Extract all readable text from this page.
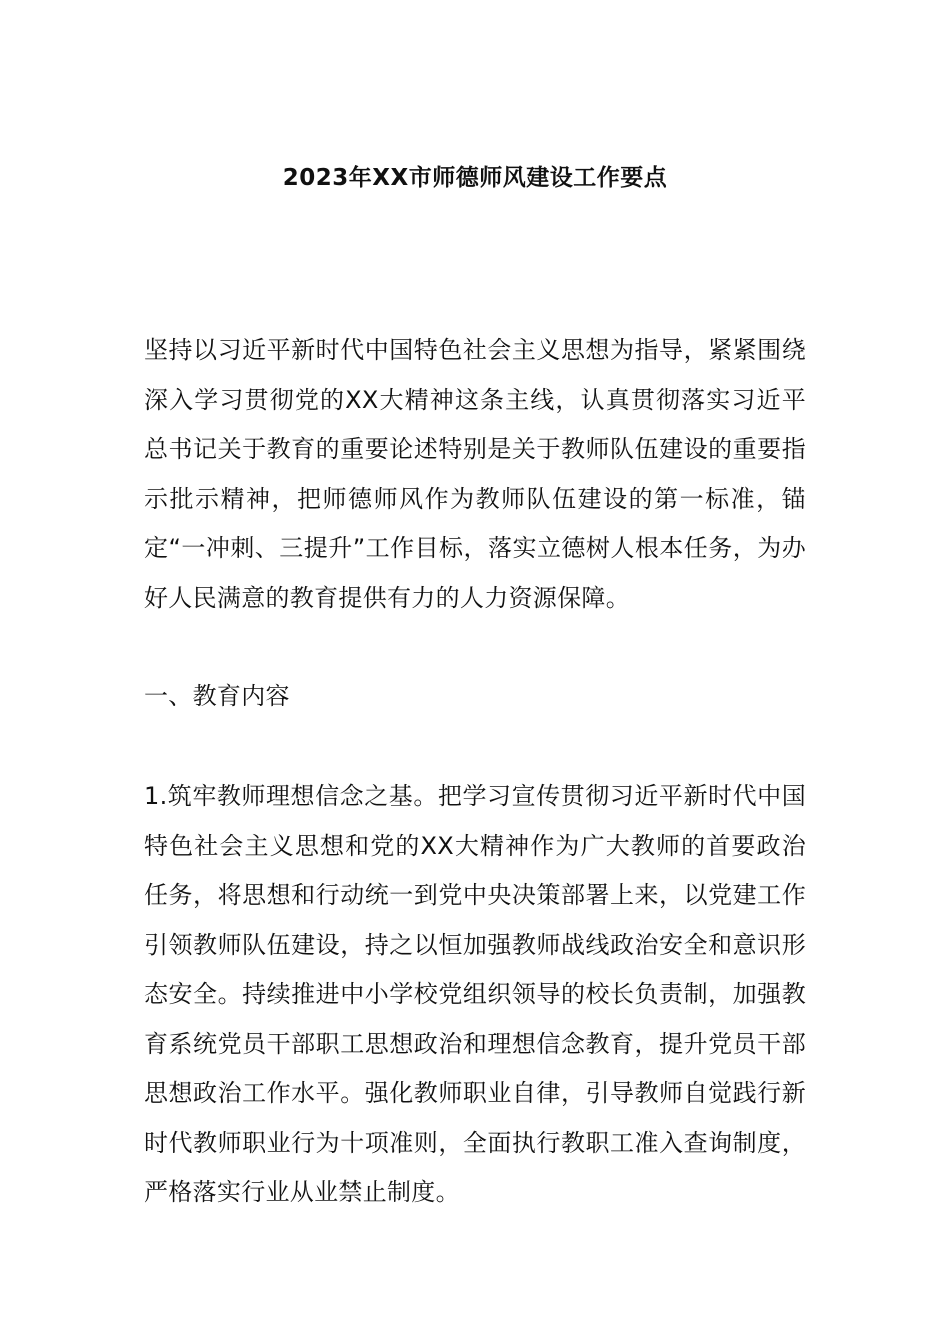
2023年XX市师德师风建设工作要点
坚持以习近平新时代中国特色社会主义思想为指导，紧紧围绕深入学习贯彻党的XX大精神这条主线，认真贯彻落实习近平总书记关于教育的重要论述特别是关于教师队伍建设的重要指示批示精神，把师德师风作为教师队伍建设的第一标准，锚定“一冲刺、三提升”工作目标，落实立德树人根本任务，为办好人民满意的教育提供有力的人力资源保障。
一、教育内容
1.筑牢教师理想信念之基。把学习宣传贯彻习近平新时代中国特色社会主义思想和党的XX大精神作为广大教师的首要政治任务，将思想和行动统一到党中央决策部署上来，以党建工作引领教师队伍建设，持之以恒加强教师战线政治安全和意识形态安全。持续推进中小学校党组织领导的校长负责制，加强教育系统党员干部职工思想政治和理想信念教育，提升党员干部思想政治工作水平。强化教师职业自律，引导教师自觉践行新时代教师职业行为十项准则，全面执行教职工准入查询制度，严格落实行业从业禁止制度。
